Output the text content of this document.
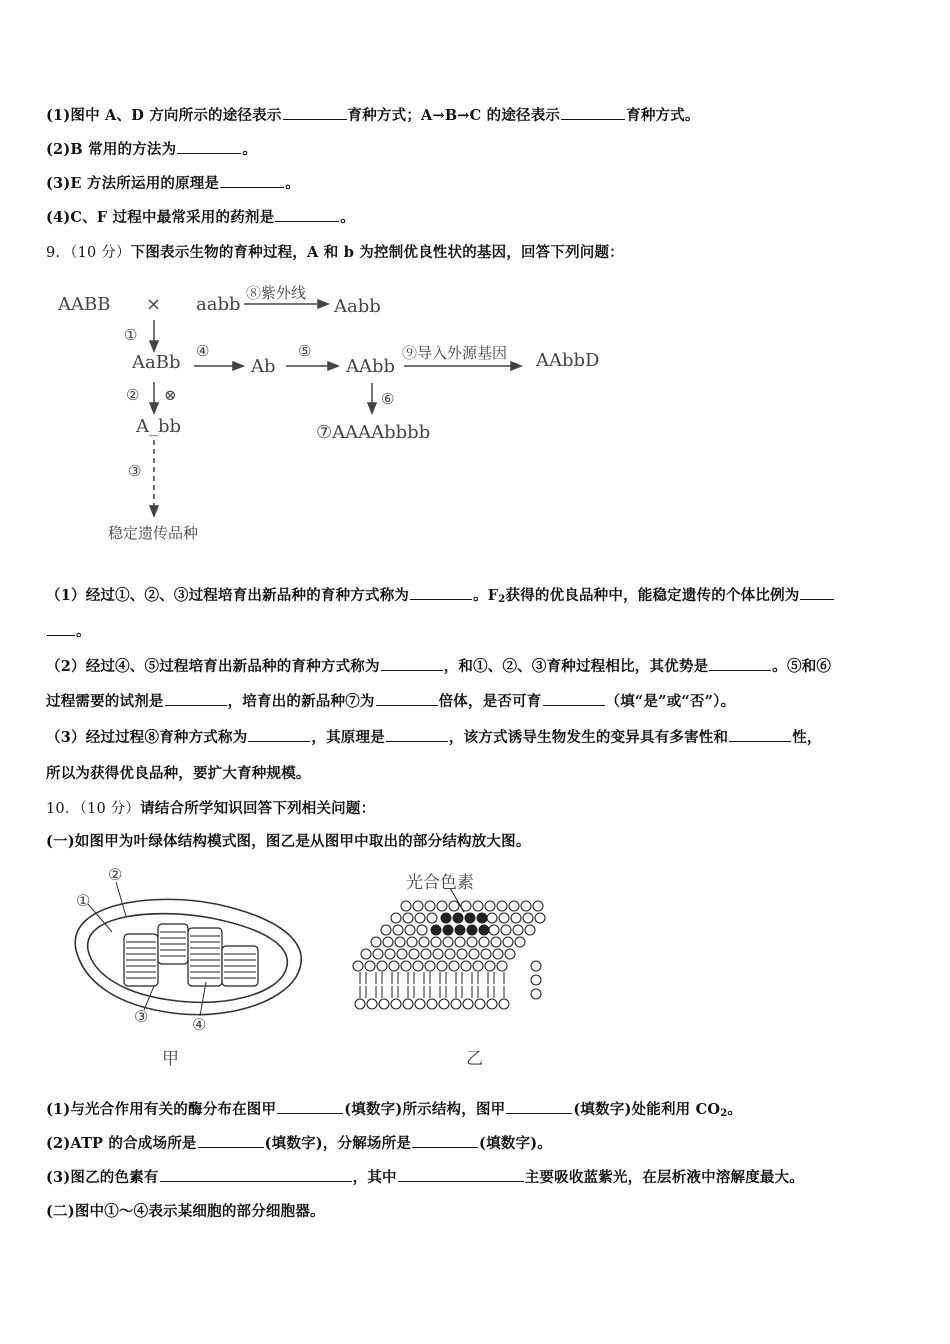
(1)图中 A、D 方向所示的途径表示	育种方式；A→B→C 的途径表示	育种方式。
(2)B 常用的方法为	。
(3)E 方法所运用的原理是	。
(4)C、F 过程中最常采用的药剂是	。
9．（10 分）下图表示生物的育种过程，A 和 b 为控制优良性状的基因，回答下列问题：
AABB × aabb	Aabb
AaBb	Ab	AAbb	AAbbD
A_bb	⑦AAAAbbbb
⑧紫外线
①
④	⑤	⑨导入外源基因
② ⊗	⑥
③
稳定遗传品种
（1）经过①、②、③过程培育出新品种的育种方式称为	。$F_2$获得的优良品种中，能稳定遗传的个体比例为
。
（2）经过④、⑤过程培育出新品种的育种方式称为	，和①、②、③育种过程相比，其优势是	。⑤和⑥
过程需要的试剂是	，培育出的新品种⑦为	倍体，是否可育	（填“是”或“否”）。
（3）经过过程⑧育种方式称为	，其原理是	，该方式诱导生物发生的变异具有多害性和	性，
所以为获得优良品种，要扩大育种规模。
10．（10 分）请结合所学知识回答下列相关问题：
(一)如图甲为叶绿体结构模式图，图乙是从图甲中取出的部分结构放大图。
②
①
③	④
甲
光合色素
乙
(1)与光合作用有关的酶分布在图甲	(填数字)所示结构，图甲	(填数字)处能利用 $CO_2$。
(2)ATP 的合成场所是	(填数字)，分解场所是	(填数字)。
(3)图乙的色素有	，其中	主要吸收蓝紫光，在层析液中溶解度最大。
(二)图中①～④表示某细胞的部分细胞器。
